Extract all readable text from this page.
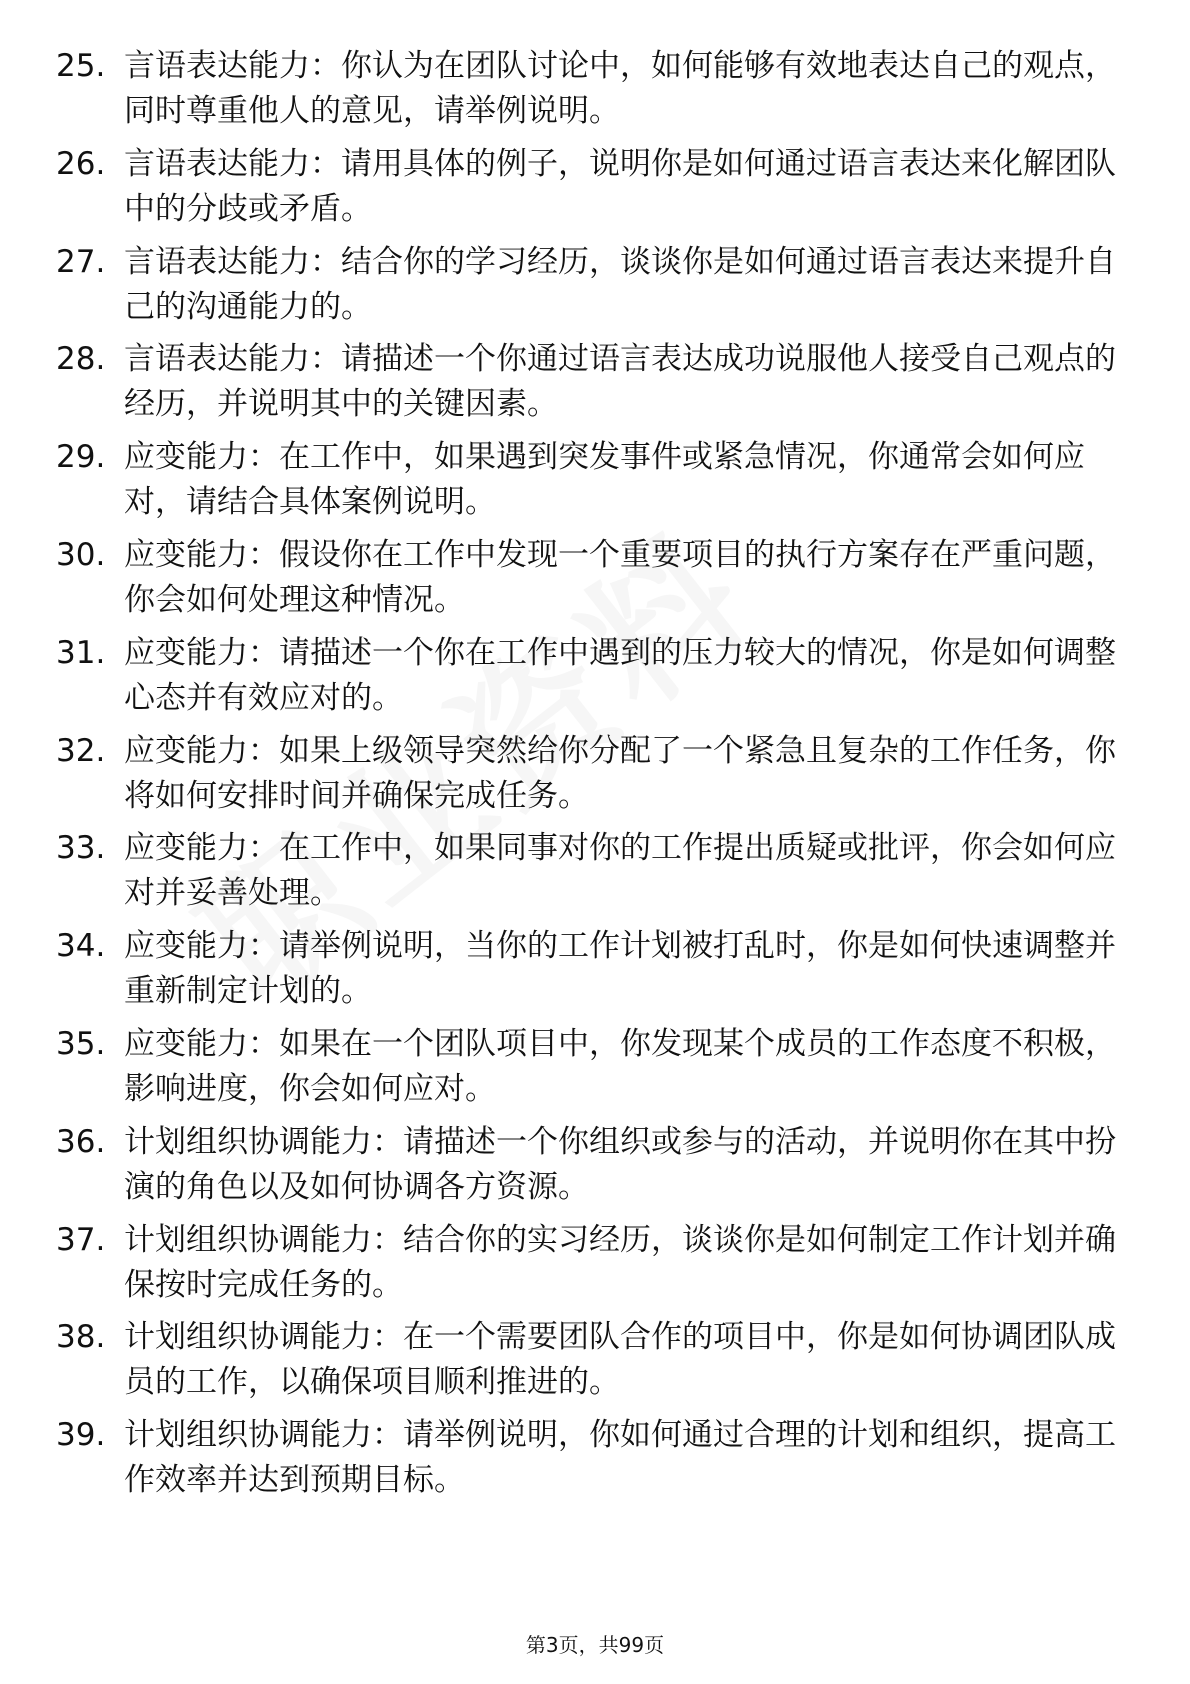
25. 言语表达能力：你认为在团队讨论中，如何能够有效地表达自己的观点，同时尊重他人的意见，请举例说明。
26. 言语表达能力：请用具体的例子，说明你是如何通过语言表达来化解团队中的分歧或矛盾。
27. 言语表达能力：结合你的学习经历，谈谈你是如何通过语言表达来提升自己的沟通能力的。
28. 言语表达能力：请描述一个你通过语言表达成功说服他人接受自己观点的经历，并说明其中的关键因素。
29. 应变能力：在工作中，如果遇到突发事件或紧急情况，你通常会如何应对，请结合具体案例说明。
30. 应变能力：假设你在工作中发现一个重要项目的执行方案存在严重问题，你会如何处理这种情况。
31. 应变能力：请描述一个你在工作中遇到的压力较大的情况，你是如何调整心态并有效应对的。
32. 应变能力：如果上级领导突然给你分配了一个紧急且复杂的工作任务，你将如何安排时间并确保完成任务。
33. 应变能力：在工作中，如果同事对你的工作提出质疑或批评，你会如何应对并妥善处理。
34. 应变能力：请举例说明，当你的工作计划被打乱时，你是如何快速调整并重新制定计划的。
35. 应变能力：如果在一个团队项目中，你发现某个成员的工作态度不积极，影响进度，你会如何应对。
36. 计划组织协调能力：请描述一个你组织或参与的活动，并说明你在其中扮演的角色以及如何协调各方资源。
37. 计划组织协调能力：结合你的实习经历，谈谈你是如何制定工作计划并确保按时完成任务的。
38. 计划组织协调能力：在一个需要团队合作的项目中，你是如何协调团队成员的工作，以确保项目顺利推进的。
39. 计划组织协调能力：请举例说明，你如何通过合理的计划和组织，提高工作效率并达到预期目标。
第3页，共99页
